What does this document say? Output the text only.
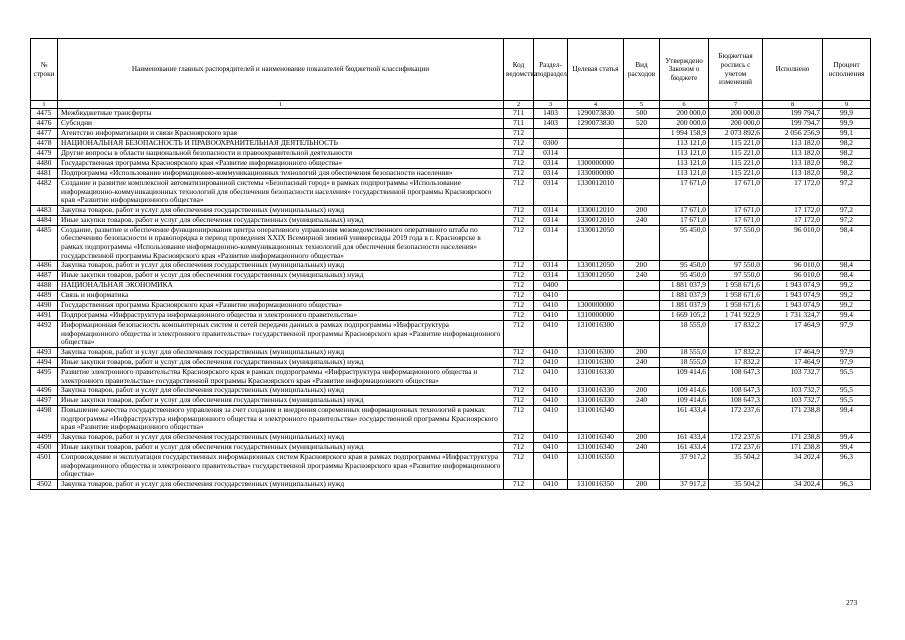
№ строки	Наименование главных распорядителей и наименование показателей бюджетной классификации	Код ведомства	Раздел-подраздел	Целевая статья	Вид расходов	Утверждено Законом о бюджете	Бюджетная роспись с учетом изменений	Исполнено	Процент исполнения
1	1	2	3	4	5	6	7	8	9
4475	Межбюджетные трансферты	711	1403	1290073830	500	200 000,0	200 000,0	199 794,7	99,9
4476	Субсидии	711	1403	1290073830	520	200 000,0	200 000,0	199 794,7	99,9
4477	Агентство информатизации и связи Красноярского края	712				1 994 158,9	2 073 892,6	2 056 256,9	99,1
4478	НАЦИОНАЛЬНАЯ БЕЗОПАСНОСТЬ И ПРАВООХРАНИТЕЛЬНАЯ ДЕЯТЕЛЬНОСТЬ	712	0300			113 121,0	115 221,0	113 182,0	98,2
4479	Другие вопросы в области национальной безопасности и правоохранительной деятельности	712	0314			113 121,0	115 221,0	113 182,0	98,2
4480	Государственная программа Красноярского края «Развитие информационного общества»	712	0314	1300000000		113 121,0	115 221,0	113 182,0	98,2
4481	Подпрограмма «Использование информационно-коммуникационных технологий для обеспечения безопасности населения»	712	0314	1330000000		113 121,0	115 221,0	113 182,0	98,2
4482	Создание и развитие комплексной автоматизированной системы «Безопасный город» в рамках подпрограммы «Использование информационно-коммуникационных технологий для обеспечения безопасности населения» государственной программы Красноярского края «Развитие информационного общества»	712	0314	1330012010		17 671,0	17 671,0	17 172,0	97,2
4483	Закупка товаров, работ и услуг для обеспечения государственных (муниципальных) нужд	712	0314	1330012010	200	17 671,0	17 671,0	17 172,0	97,2
4484	Иные закупки товаров, работ и услуг для обеспечения государственных (муниципальных) нужд	712	0314	1330012010	240	17 671,0	17 671,0	17 172,0	97,2
4485	Создание, развитие и обеспечение функционирования центра оперативного управления межведомственного оперативного штаба по обеспечению безопасности и правопорядка в период проведения XXIX Всемирной зимней универсиады 2019 года в г. Красноярске в рамках подпрограммы «Использование информационно-коммуникационных технологий для обеспечения безопасности населения» государственной программы Красноярского края «Развитие информационного общества»	712	0314	1330012050		95 450,0	97 550,0	96 010,0	98,4
4486	Закупка товаров, работ и услуг для обеспечения государственных (муниципальных) нужд	712	0314	1330012050	200	95 450,0	97 550,0	96 010,0	98,4
4487	Иные закупки товаров, работ и услуг для обеспечения государственных (муниципальных) нужд	712	0314	1330012050	240	95 450,0	97 550,0	96 010,0	98,4
4488	НАЦИОНАЛЬНАЯ ЭКОНОМИКА	712	0400			1 881 037,9	1 958 671,6	1 943 074,9	99,2
4489	Связь и информатика	712	0410			1 881 037,9	1 958 671,6	1 943 074,9	99,2
4490	Государственная программа Красноярского края «Развитие информационного общества»	712	0410	1300000000		1 881 037,9	1 958 671,6	1 943 074,9	99,2
4491	Подпрограмма «Инфраструктура информационного общества и электронного правительства»	712	0410	1310000000		1 669 105,2	1 741 922,9	1 731 324,7	99,4
4492	Информационная безопасность компьютерных систем и сетей передачи данных в рамках подпрограммы «Инфраструктура информационного общества и электронного правительства» государственной программы Красноярского края «Развитие информационного общества»	712	0410	1310016300		18 555,0	17 832,2	17 464,9	97,9
4493	Закупка товаров, работ и услуг для обеспечения государственных (муниципальных) нужд	712	0410	1310016300	200	18 555,0	17 832,2	17 464,9	97,9
4494	Иные закупки товаров, работ и услуг для обеспечения государственных (муниципальных) нужд	712	0410	1310016300	240	18 555,0	17 832,2	17 464,9	97,9
4495	Развитие электронного правительства Красноярского края в рамках подпрограммы «Инфраструктура информационного общества и электронного правительства» государственной программы Красноярского края «Развитие информационного общества»	712	0410	1310016330		109 414,6	108 647,3	103 732,7	95,5
4496	Закупка товаров, работ и услуг для обеспечения государственных (муниципальных) нужд	712	0410	1310016330	200	109 414,6	108 647,3	103 732,7	95,5
4497	Иные закупки товаров, работ и услуг для обеспечения государственных (муниципальных) нужд	712	0410	1310016330	240	109 414,6	108 647,3	103 732,7	95,5
4498	Повышение качества государственного управления за счет создания и внедрения современных информационных технологий в рамках подпрограммы «Инфраструктура информационного общества и электронного правительства» государственной программы Красноярского края «Развитие информационного общества»	712	0410	1310016340		161 433,4	172 237,6	171 238,8	99,4
4499	Закупка товаров, работ и услуг для обеспечения государственных (муниципальных) нужд	712	0410	1310016340	200	161 433,4	172 237,6	171 238,8	99,4
4500	Иные закупки товаров, работ и услуг для обеспечения государственных (муниципальных) нужд	712	0410	1310016340	240	161 433,4	172 237,6	171 238,8	99,4
4501	Сопровождение и эксплуатация государственных информационных систем Красноярского края в рамках подпрограммы «Инфраструктура информационного общества и электронного правительства» государственной программы Красноярского края «Развитие информационного общества»	712	0410	1310016350		37 917,2	35 504,2	34 202,4	96,3
4502	Закупка товаров, работ и услуг для обеспечения государственных (муниципальных) нужд	712	0410	1310016350	200	37 917,2	35 504,2	34 202,4	96,3
273
